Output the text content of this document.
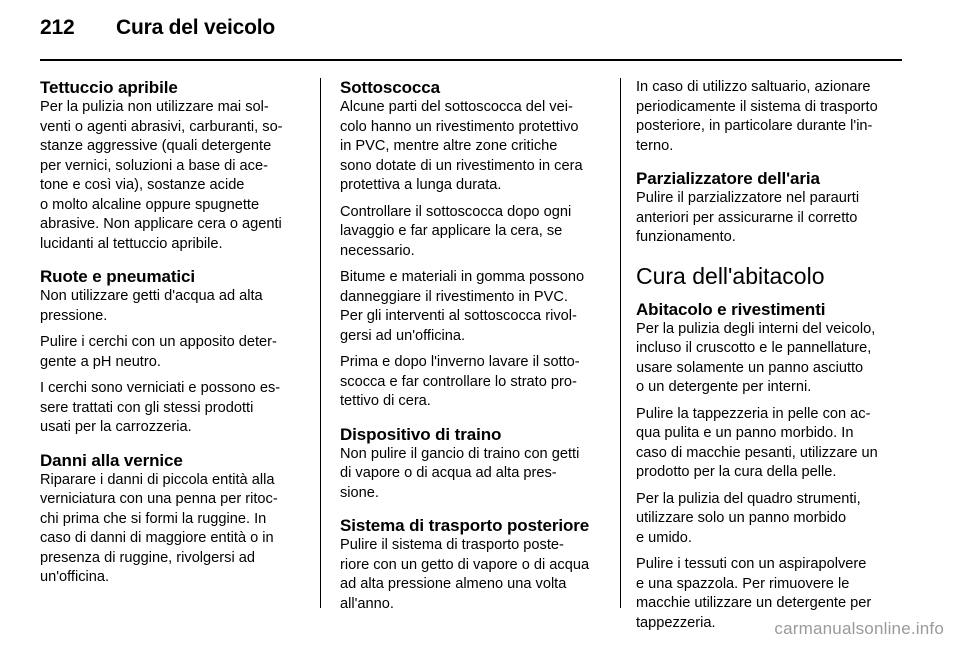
212 Cura del veicolo
Tettuccio apribile

Per la pulizia non utilizzare mai sol-
venti o agenti abrasivi, carburanti, so-
stanze aggressive (quali detergente
per vernici, soluzioni a base di ace-
tone e così via), sostanze acide
o molto alcaline oppure spugnette
abrasive. Non applicare cera o agenti
lucidanti al tettuccio apribile.

Ruote e pneumatici

Non utilizzare getti d'acqua ad alta
pressione.

Pulire i cerchi con un apposito deter-
gente a pH neutro.

I cerchi sono verniciati e possono es-
sere trattati con gli stessi prodotti
usati per la carrozzeria.

Danni alla vernice

Riparare i danni di piccola entità alla
verniciatura con una penna per ritoc-
chi prima che si formi la ruggine. In
caso di danni di maggiore entità o in
presenza di ruggine, rivolgersi ad
un'officina.

Sottoscocca

Alcune parti del sottoscocca del vei-
colo hanno un rivestimento protettivo
in PVC, mentre altre zone critiche
sono dotate di un rivestimento in cera
protettiva a lunga durata.

Controllare il sottoscocca dopo ogni
lavaggio e far applicare la cera, se
necessario.

Bitume e materiali in gomma possono
danneggiare il rivestimento in PVC.
Per gli interventi al sottoscocca rivol-
gersi ad un'officina.

Prima e dopo l'inverno lavare il sotto-
scocca e far controllare lo strato pro-
tettivo di cera.

Dispositivo di traino

Non pulire il gancio di traino con getti
di vapore o di acqua ad alta pres-
sione.

Sistema di trasporto posteriore

Pulire il sistema di trasporto poste-
riore con un getto di vapore o di acqua
ad alta pressione almeno una volta
all'anno.

In caso di utilizzo saltuario, azionare
periodicamente il sistema di trasporto
posteriore, in particolare durante l'in-
terno.

Parzializzatore dell'aria

Pulire il parzializzatore nel paraurti
anteriori per assicurarne il corretto
funzionamento.

Cura dell'abitacolo
Abitacolo e rivestimenti

Per la pulizia degli interni del veicolo,
incluso il cruscotto e le pannellature,
usare solamente un panno asciutto
o un detergente per interni.

Pulire la tappezzeria in pelle con ac-
qua pulita e un panno morbido. In
caso di macchie pesanti, utilizzare un
prodotto per la cura della pelle.

Per la pulizia del quadro strumenti,
utilizzare solo un panno morbido
e umido.

Pulire i tessuti con un aspirapolvere
e una spazzola. Per rimuovere le
macchie utilizzare un detergente per
tappezzeria.	carmanualsonline.info
